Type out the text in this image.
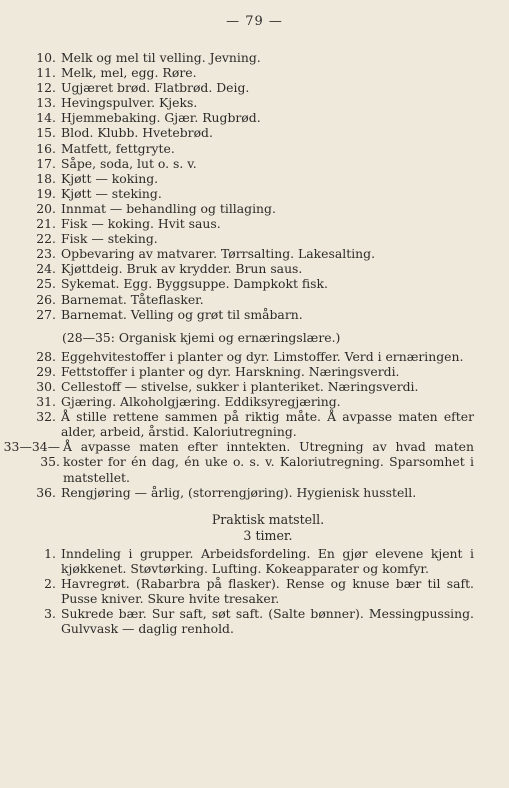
— 79 —
10. Melk og mel til velling. Jevning.
11. Melk, mel, egg. Røre.
12. Ugjæret brød. Flatbrød. Deig.
13. Hevingspulver. Kjeks.
14. Hjemmebaking. Gjær. Rugbrød.
15. Blod. Klubb. Hvetebrød.
16. Matfett, fettgryte.
17. Såpe, soda, lut o. s. v.
18. Kjøtt — koking.
19. Kjøtt — steking.
20. Innmat — behandling og tillaging.
21. Fisk — koking. Hvit saus.
22. Fisk — steking.
23. Opbevaring av matvarer. Tørrsalting. Lakesalting.
24. Kjøttdeig. Bruk av krydder. Brun saus.
25. Sykemat. Egg. Byggsuppe. Dampkokt fisk.
26. Barnemat. Tåteflasker.
27. Barnemat. Velling og grøt til småbarn.
(28—35: Organisk kjemi og ernæringslære.)
28. Eggehvitestoffer i planter og dyr. Limstoffer. Verd i ernæringen.
29. Fettstoffer i planter og dyr. Harskning. Næringsverdi.
30. Cellestoff — stivelse, sukker i planteriket. Næringsverdi.
31. Gjæring. Alkoholgjæring. Eddiksyregjæring.
32. Å stille rettene sammen på riktig måte. Å avpasse maten efter alder, arbeid, årstid. Kaloriutregning.
33—34—35.
Å avpasse maten efter inntekten. Utregning av hvad maten koster for én dag, én uke o. s. v. Kaloriutregning. Sparsomhet i matstellet.
36. Rengjøring — årlig, (storrengjøring). Hygienisk husstell.
Praktisk matstell.
3 timer.
1. Inndeling i grupper. Arbeidsfordeling. En gjør elevene kjent i kjøkkenet. Støvtørking. Lufting. Kokeapparater og komfyr.
2. Havregrøt. (Rabarbra på flasker). Rense og knuse bær til saft. Pusse kniver. Skure hvite tresaker.
3. Sukrede bær. Sur saft, søt saft. (Salte bønner). Messingpussing. Gulvvask — daglig renhold.
